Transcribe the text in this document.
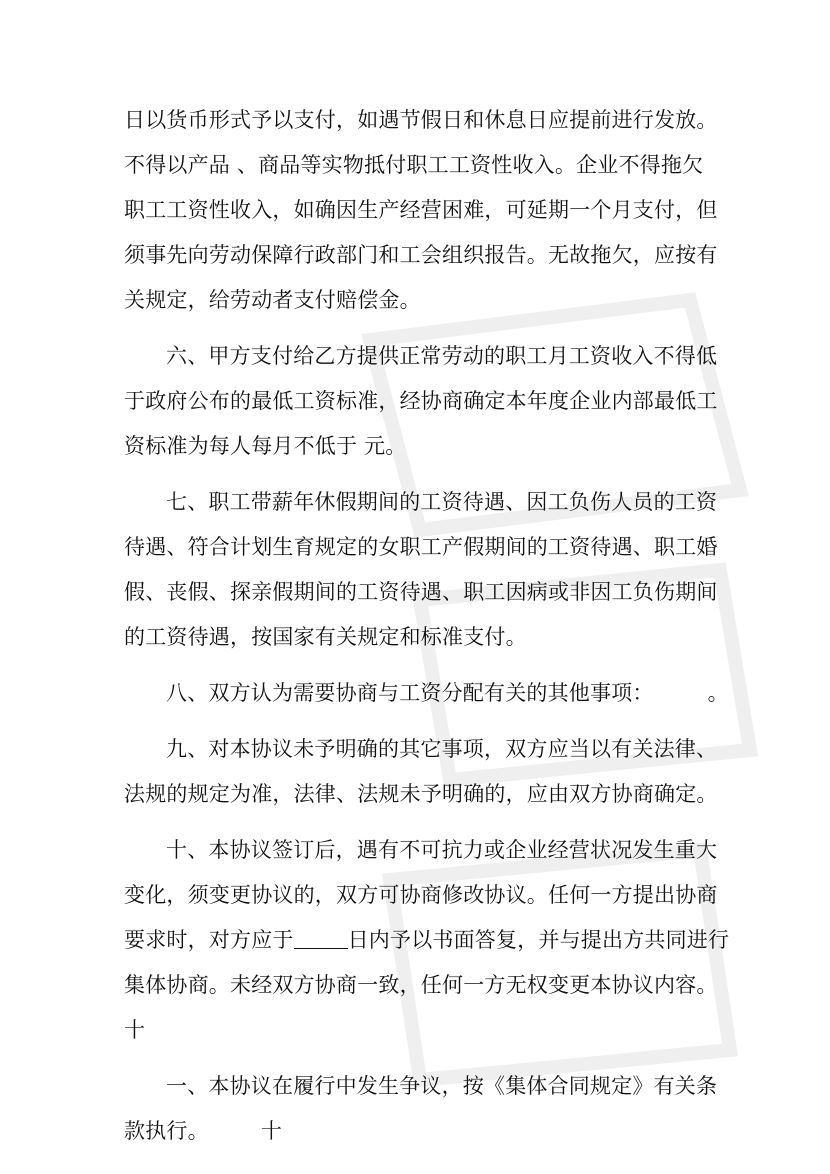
日以货币形式予以支付，如遇节假日和休息日应提前进行发放。
不得以产品 、商品等实物抵付职工工资性收入。企业不得拖欠
职工工资性收入，如确因生产经营困难，可延期一个月支付，但
须事先向劳动保障行政部门和工会组织报告。无故拖欠，应按有
关规定，给劳动者支付赔偿金。

六、甲方支付给乙方提供正常劳动的职工月工资收入不得低
于政府公布的最低工资标准，经协商确定本年度企业内部最低工
资标准为每人每月不低于 元。

七、职工带薪年休假期间的工资待遇、因工负伤人员的工资
待遇、符合计划生育规定的女职工产假期间的工资待遇、职工婚
假、丧假、探亲假期间的工资待遇、职工因病或非因工负伤期间
的工资待遇，按国家有关规定和标准支付。

八、双方认为需要协商与工资分配有关的其他事项：	。

九、对本协议未予明确的其它事项，双方应当以有关法律、
法规的规定为准，法律、法规未予明确的，应由双方协商确定。

十、本协议签订后，遇有不可抗力或企业经营状况发生重大
变化，须变更协议的，双方可协商修改协议。任何一方提出协商
要求时，对方应于	日内予以书面答复，并与提出方共同进行
集体协商。未经双方协商一致，任何一方无权变更本协议内容。
十

一、本协议在履行中发生争议，按《集体合同规定》有关条
款执行。 十
